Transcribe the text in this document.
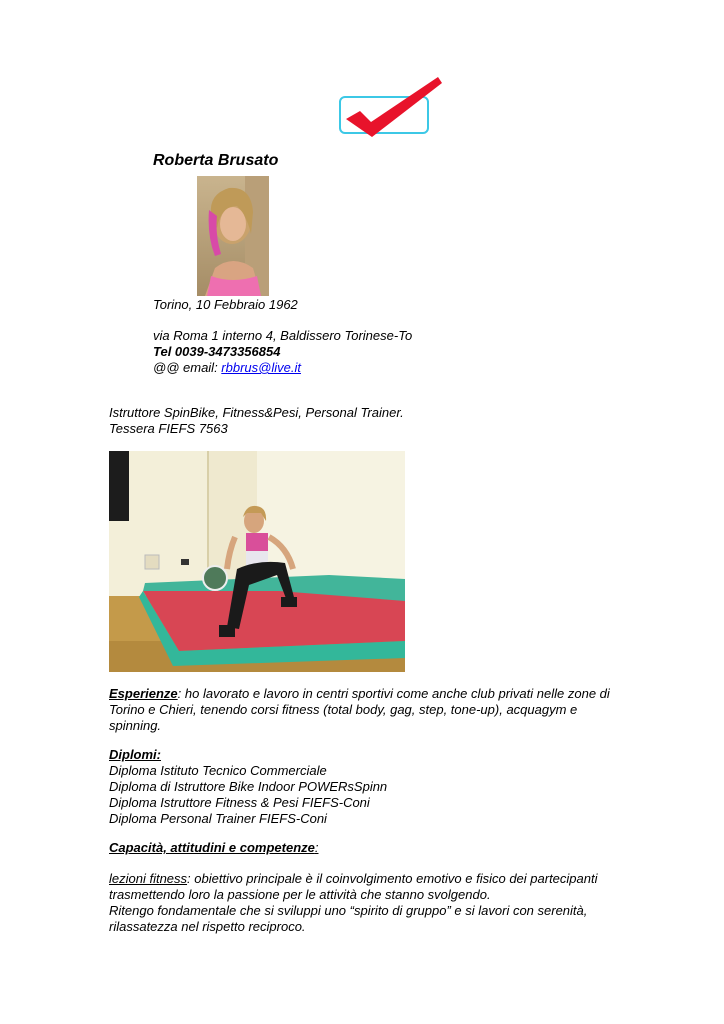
Roberta Brusato
Torino, 10 Febbraio 1962
via Roma 1 interno 4, Baldissero Torinese-To
Tel 0039-3473356854
@@ email: rbbrus@live.it
Istruttore SpinBike, Fitness&Pesi, Personal Trainer.
Tessera FIEFS 7563
Esperienze: ho lavorato e lavoro in centri sportivi come anche club privati nelle zone di Torino e Chieri, tenendo corsi fitness (total body, gag, step, tone-up), acquagym e spinning.
Diplomi:
Diploma Istituto Tecnico Commerciale
Diploma di Istruttore Bike Indoor POWERsSpinn
Diploma Istruttore Fitness & Pesi FIEFS-Coni
Diploma Personal Trainer FIEFS-Coni
Capacità, attitudini e competenze:
lezioni fitness: obiettivo principale è il coinvolgimento emotivo e fisico dei partecipanti trasmettendo loro la passione per le attività che stanno svolgendo.
Ritengo fondamentale che si sviluppi uno “spirito di gruppo” e si lavori con serenità, rilassatezza nel rispetto reciproco.
